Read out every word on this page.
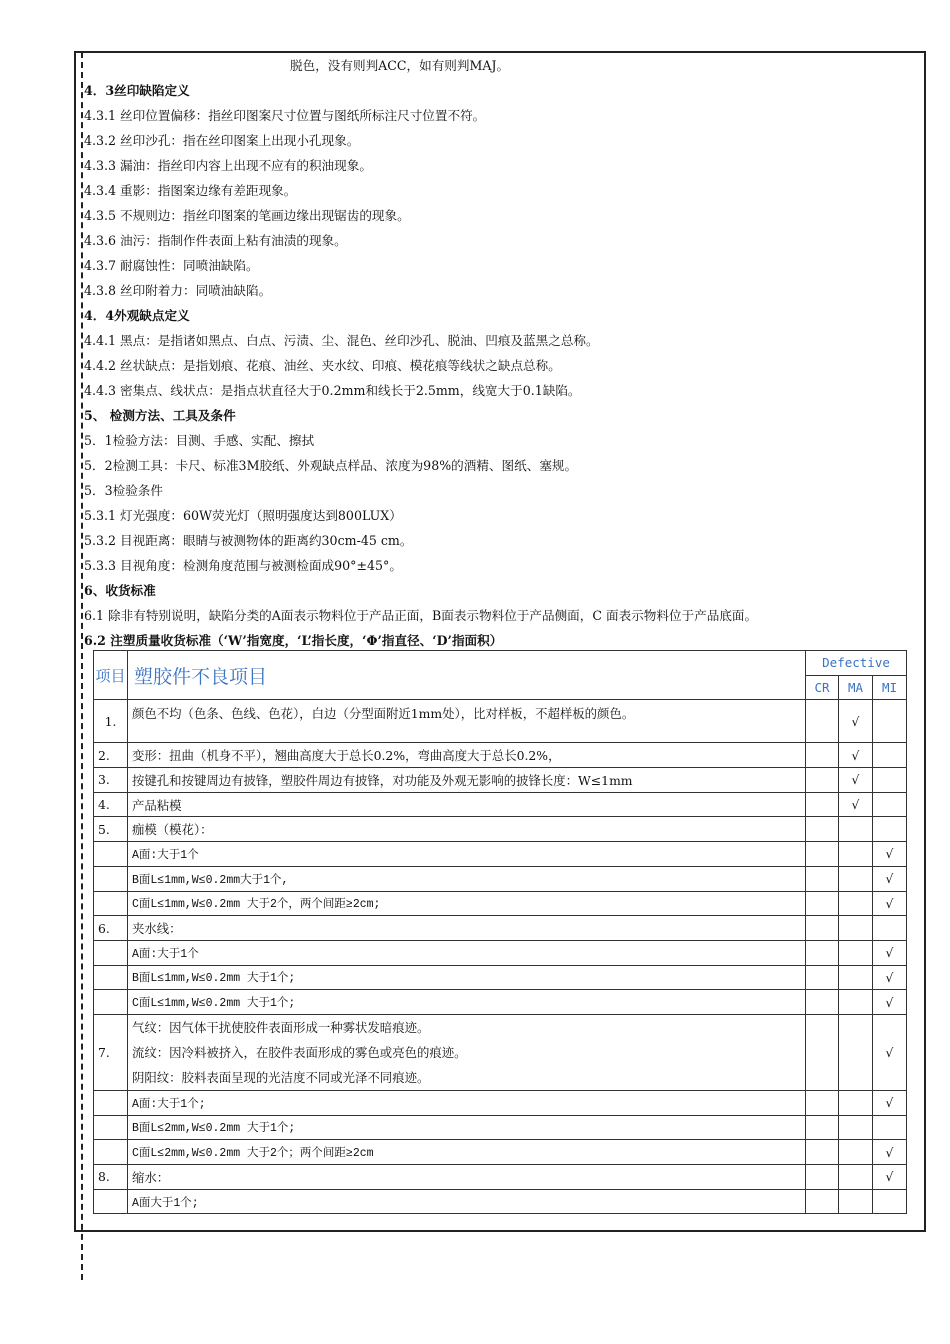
脱色，没有则判ACC，如有则判MAJ。
4．3丝印缺陷定义
4.3.1 丝印位置偏移：指丝印图案尺寸位置与图纸所标注尺寸位置不符。
4.3.2 丝印沙孔：指在丝印图案上出现小孔现象。
4.3.3 漏油：指丝印内容上出现不应有的积油现象。
4.3.4 重影：指图案边缘有差距现象。
4.3.5 不规则边：指丝印图案的笔画边缘出现锯齿的现象。
4.3.6 油污：指制作件表面上粘有油渍的现象。
4.3.7 耐腐蚀性：同喷油缺陷。
4.3.8 丝印附着力：同喷油缺陷。
4．4外观缺点定义
4.4.1 黑点：是指诸如黑点、白点、污渍、尘、混色、丝印沙孔、脱油、凹痕及蓝黑之总称。
4.4.2 丝状缺点：是指划痕、花痕、油丝、夹水纹、印痕、模花痕等线状之缺点总称。
4.4.3 密集点、线状点：是指点状直径大于0.2mm和线长于2.5mm，线宽大于0.1缺陷。
5、 检测方法、工具及条件
5．1检验方法：目测、手感、实配、擦拭
5．2检测工具：卡尺、标准3M胶纸、外观缺点样品、浓度为98%的酒精、图纸、塞规。
5．3检验条件
5.3.1 灯光强度：60W荧光灯（照明强度达到800LUX）
5.3.2 目视距离：眼睛与被测物体的距离约30cm-45 cm。
5.3.3 目视角度：检测角度范围与被测检面成90°±45°。
6、收货标准
6.1 除非有特别说明，缺陷分类的A面表示物料位于产品正面，B面表示物料位于产品侧面，C 面表示物料位于产品底面。
6.2 注塑质量收货标准（‘W’指宽度，‘L’指长度，‘Φ’指直径、‘D’指面积）
项目	塑胶件不良项目	Defective		
		CR	MA	MI
1.	颜色不均（色条、色线、色花），白边（分型面附近1mm处），比对样板，不超样板的颜色。		√	
2.	变形：扭曲（机身不平），翘曲高度大于总长0.2%，弯曲高度大于总长0.2%，		√	
3.	按键孔和按键周边有披锋，塑胶件周边有披锋，对功能及外观无影响的披锋长度：W≤1mm		√	
4.	产品粘模		√	
5.	痂模（模花）：			
	A面:大于1个			√
	B面L≤1mm,W≤0.2mm大于1个,			√
	C面L≤1mm,W≤0.2mm 大于2个，两个间距≥2cm;			√
6.	夹水线：			
	A面:大于1个			√
	B面L≤1mm,W≤0.2mm 大于1个;			√
	C面L≤1mm,W≤0.2mm 大于1个;			√
7.	气纹：因气体干扰使胶件表面形成一种雾状发暗痕迹。
流纹：因冷料被挤入，在胶件表面形成的雾色或亮色的痕迹。
阴阳纹：胶料表面呈现的光洁度不同或光泽不同痕迹。			√
	A面:大于1个;			√
	B面L≤2mm,W≤0.2mm 大于1个;			
	C面L≤2mm,W≤0.2mm 大于2个；两个间距≥2cm			√
8.	缩水：			√
	A面大于1个;			
